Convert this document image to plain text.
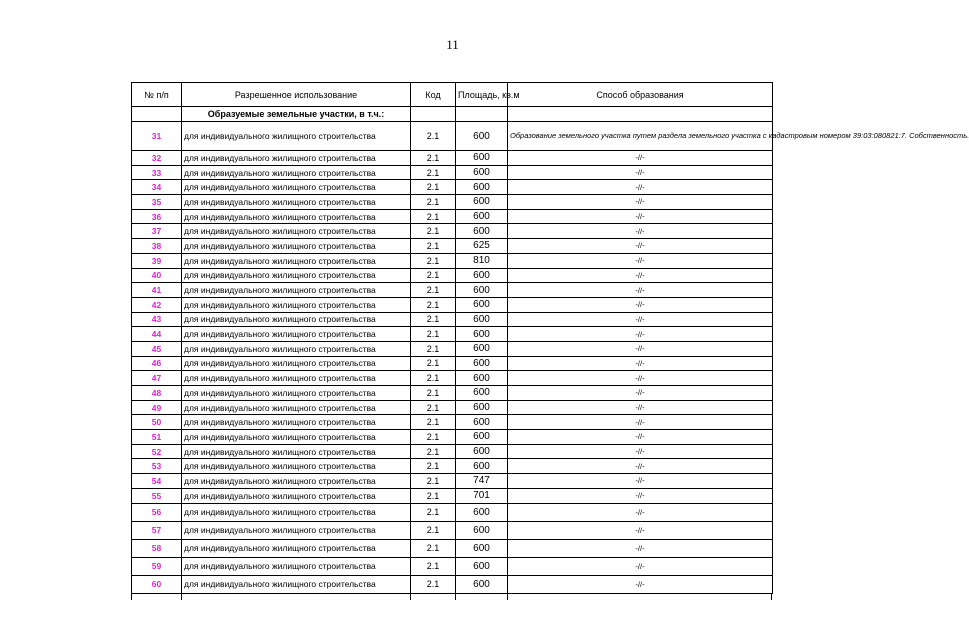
11
№ п/п	Разрешенное использование	Код	Площадь, кв.м	Способ образования
	Образуемые земельные участки, в т.ч.:			
31	для индивидуального жилищного строительства	2.1	600	Образование земельного участка путем раздела земельного участка с кадастровым номером 39:03:080821:7. Собственность.
32	для индивидуального жилищного строительства	2.1	600	-//-
33	для индивидуального жилищного строительства	2.1	600	-//-
34	для индивидуального жилищного строительства	2.1	600	-//-
35	для индивидуального жилищного строительства	2.1	600	-//-
36	для индивидуального жилищного строительства	2.1	600	-//-
37	для индивидуального жилищного строительства	2.1	600	-//-
38	для индивидуального жилищного строительства	2.1	625	-//-
39	для индивидуального жилищного строительства	2.1	810	-//-
40	для индивидуального жилищного строительства	2.1	600	-//-
41	для индивидуального жилищного строительства	2.1	600	-//-
42	для индивидуального жилищного строительства	2.1	600	-//-
43	для индивидуального жилищного строительства	2.1	600	-//-
44	для индивидуального жилищного строительства	2.1	600	-//-
45	для индивидуального жилищного строительства	2.1	600	-//-
46	для индивидуального жилищного строительства	2.1	600	-//-
47	для индивидуального жилищного строительства	2.1	600	-//-
48	для индивидуального жилищного строительства	2.1	600	-//-
49	для индивидуального жилищного строительства	2.1	600	-//-
50	для индивидуального жилищного строительства	2.1	600	-//-
51	для индивидуального жилищного строительства	2.1	600	-//-
52	для индивидуального жилищного строительства	2.1	600	-//-
53	для индивидуального жилищного строительства	2.1	600	-//-
54	для индивидуального жилищного строительства	2.1	747	-//-
55	для индивидуального жилищного строительства	2.1	701	-//-
56	для индивидуального жилищного строительства	2.1	600	-//-
57	для индивидуального жилищного строительства	2.1	600	-//-
58	для индивидуального жилищного строительства	2.1	600	-//-
59	для индивидуального жилищного строительства	2.1	600	-//-
60	для индивидуального жилищного строительства	2.1	600	-//-
